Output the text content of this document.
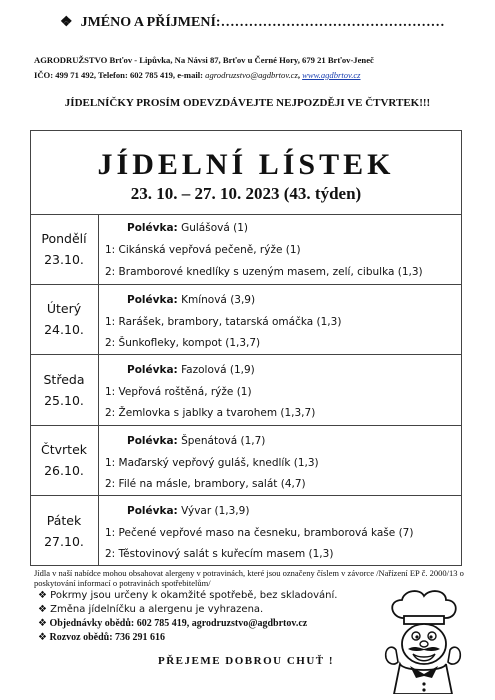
❖ JMÉNO A PŘÍJMENÍ:…………………………………………
AGRODRUŽSTVO Brťov - Lipůvka, Na Návsi 87, Brťov u Černé Hory, 679 21 Brťov-Jeneč
IČO: 499 71 492, Telefon: 602 785 419, e-mail: agrodruzstvo@agdbrtov.cz, www.agdbrtov.cz
JÍDELNÍČKY PROSÍM ODEVZDÁVEJTE NEJPOZDĚJI VE ČTVRTEK!!!
JÍDELNÍ LÍSTEK
23. 10. – 27. 10. 2023 (43. týden)
Pondělí
23.10.
Polévka: Gulášová (1)
1: Cikánská vepřová pečeně, rýže (1)
2: Bramborové knedlíky s uzeným masem, zelí, cibulka (1,3)
Úterý
24.10.
Polévka: Kmínová (3,9)
1: Rarášek, brambory, tatarská omáčka (1,3)
2: Šunkofleky, kompot (1,3,7)
Středa
25.10.
Polévka: Fazolová (1,9)
1: Vepřová roštěná, rýže (1)
2: Žemlovka s jablky a tvarohem (1,3,7)
Čtvrtek
26.10.
Polévka: Špenátová (1,7)
1: Maďarský vepřový guláš, knedlík (1,3)
2: Filé na másle, brambory, salát (4,7)
Pátek
27.10.
Polévka: Vývar (1,3,9)
1: Pečené vepřové maso na česneku, bramborová kaše (7)
2: Těstovinový salát s kuřecím masem (1,3)
Jídla v naší nabídce mohou obsahovat alergeny v potravinách, které jsou označeny číslem v závorce /Nařízení EP č. 2000/13 o poskytování informací o potravinách spotřebitelům/
❖ Pokrmy jsou určeny k okamžité spotřebě, bez skladování.
❖ Změna jídelníčku a alergenu je vyhrazena.
❖ Objednávky obědů: 602 785 419, agrodruzstvo@agdbrtov.cz
❖ Rozvoz obědů: 736 291 616
PŘEJEME DOBROU CHUŤ !
